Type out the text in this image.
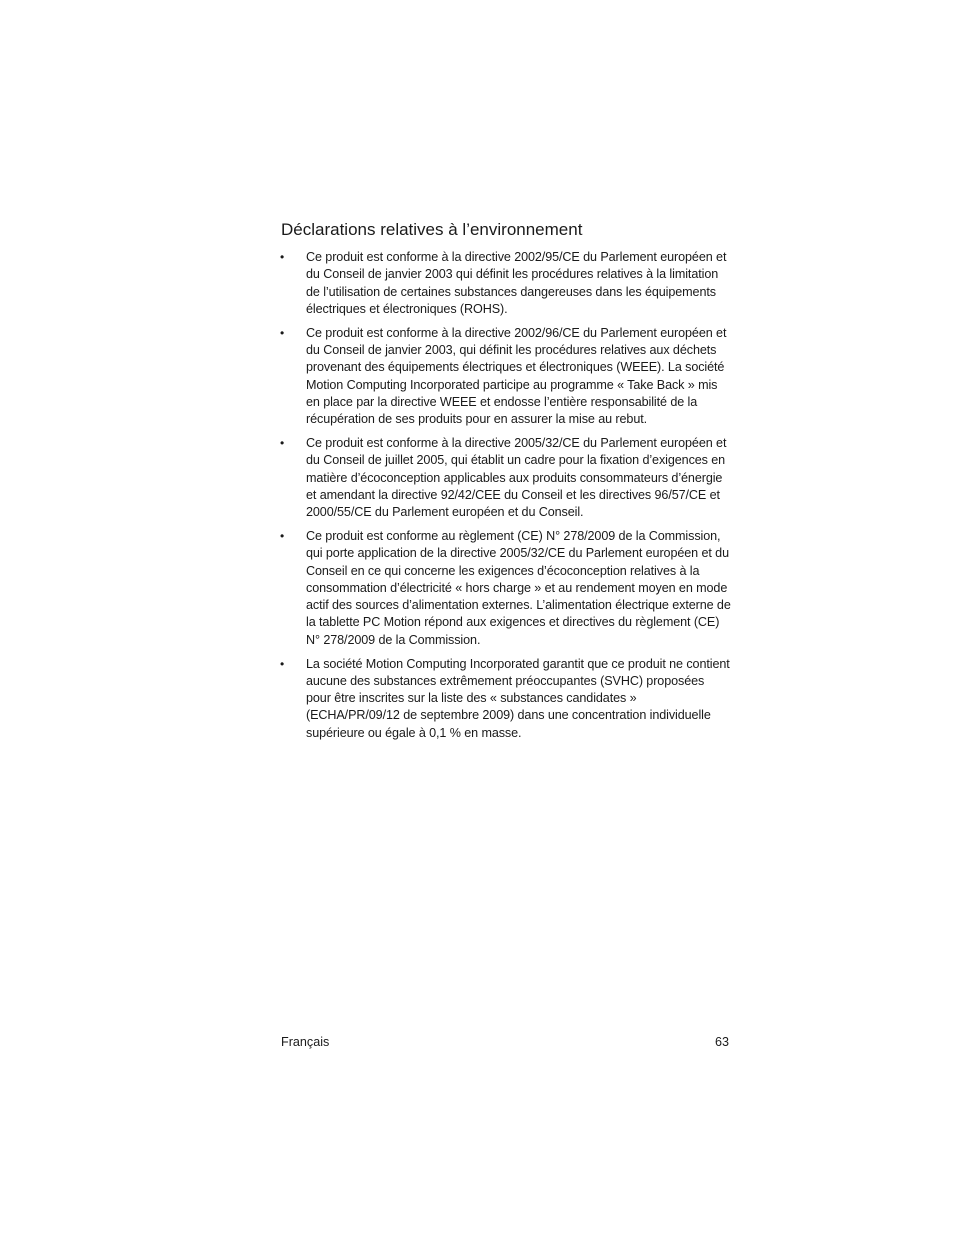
Déclarations relatives à l’environnement
•	Ce produit est conforme à la directive 2002/95/CE du Parlement européen et du Conseil de janvier 2003 qui définit les procédures relatives à la limitation de l’utilisation de certaines substances dangereuses dans les équipements électriques et électroniques (ROHS).
•	Ce produit est conforme à la directive 2002/96/CE du Parlement européen et du Conseil de janvier 2003, qui définit les procédures relatives aux déchets provenant des équipements électriques et électroniques (WEEE). La société Motion Computing Incorporated participe au programme « Take Back » mis en place par la directive WEEE et endosse l’entière responsabilité de la récupération de ses produits pour en assurer la mise au rebut.
•	Ce produit est conforme à la directive 2005/32/CE du Parlement européen et du Conseil de juillet 2005, qui établit un cadre pour la fixation d’exigences en matière d’écoconception applicables aux produits consommateurs d’énergie et amendant la directive 92/42/CEE du Conseil et les directives 96/57/CE et 2000/55/CE du Parlement européen et du Conseil.
•	Ce produit est conforme au règlement (CE) N° 278/2009 de la Commission, qui porte application de la directive 2005/32/CE du Parlement européen et du Conseil en ce qui concerne les exigences d’écoconception relatives à la consommation d’électricité « hors charge » et au rendement moyen en mode actif des sources d’alimentation externes. L’alimentation électrique externe de la tablette PC Motion répond aux exigences et directives du règlement (CE) N° 278/2009 de la Commission.
•	La société Motion Computing Incorporated garantit que ce produit ne contient aucune des substances extrêmement préoccupantes (SVHC) proposées pour être inscrites sur la liste des « substances candidates » (ECHA/PR/09/12 de septembre 2009) dans une concentration individuelle supérieure ou égale à 0,1 % en masse.
Français	63
